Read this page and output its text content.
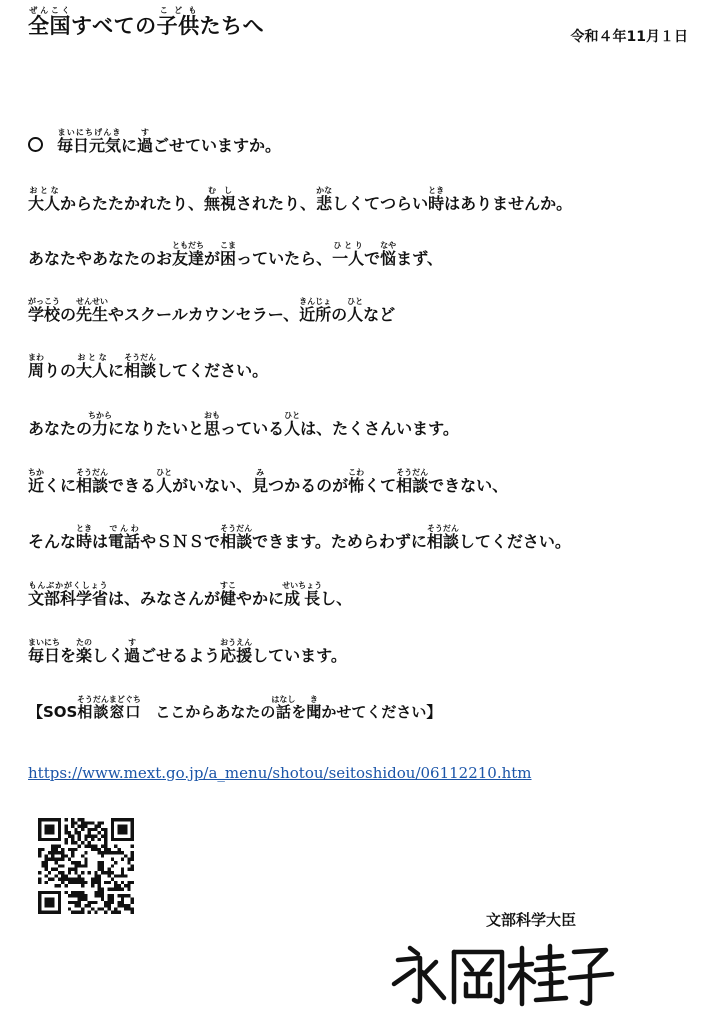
全国ぜんこくすべての子供こどもたちへ	令和４年11月１日
毎日元気まいにちげんきに過すごせていますか。
大人おとなからたたかれたり、無視むしされたり、悲かなしくてつらい時ときはありませんか。
あなたやあなたのお友達ともだちが困こまっていたら、一人ひとりで悩なやまず、
学校がっこうの先生せんせいやスクールカウンセラー、近所きんじょの人ひとなど
周まわりの大人おとなに相談そうだんしてください。
あなたの力ちからになりたいと思おもっている人ひとは、たくさんいます。
近ちかくに相談そうだんできる人ひとがいない、見みつかるのが怖こわくて相談そうだんできない、
そんな時ときは電話でんわやＳＮＳで相談そうだんできます。ためらわずに相談そうだんしてください。
文部科学省もんぶかがくしょうは、みなさんが健すこやかに成長せいちょうし、
毎日まいにちを楽たのしく過すごせるよう応援おうえんしています。
【SOS相談窓口そうだんまどぐち　ここからあなたの話はなしを聞きかせてください】
https://www.mext.go.jp/a_menu/shotou/seitoshidou/06112210.htm
文部科学大臣
